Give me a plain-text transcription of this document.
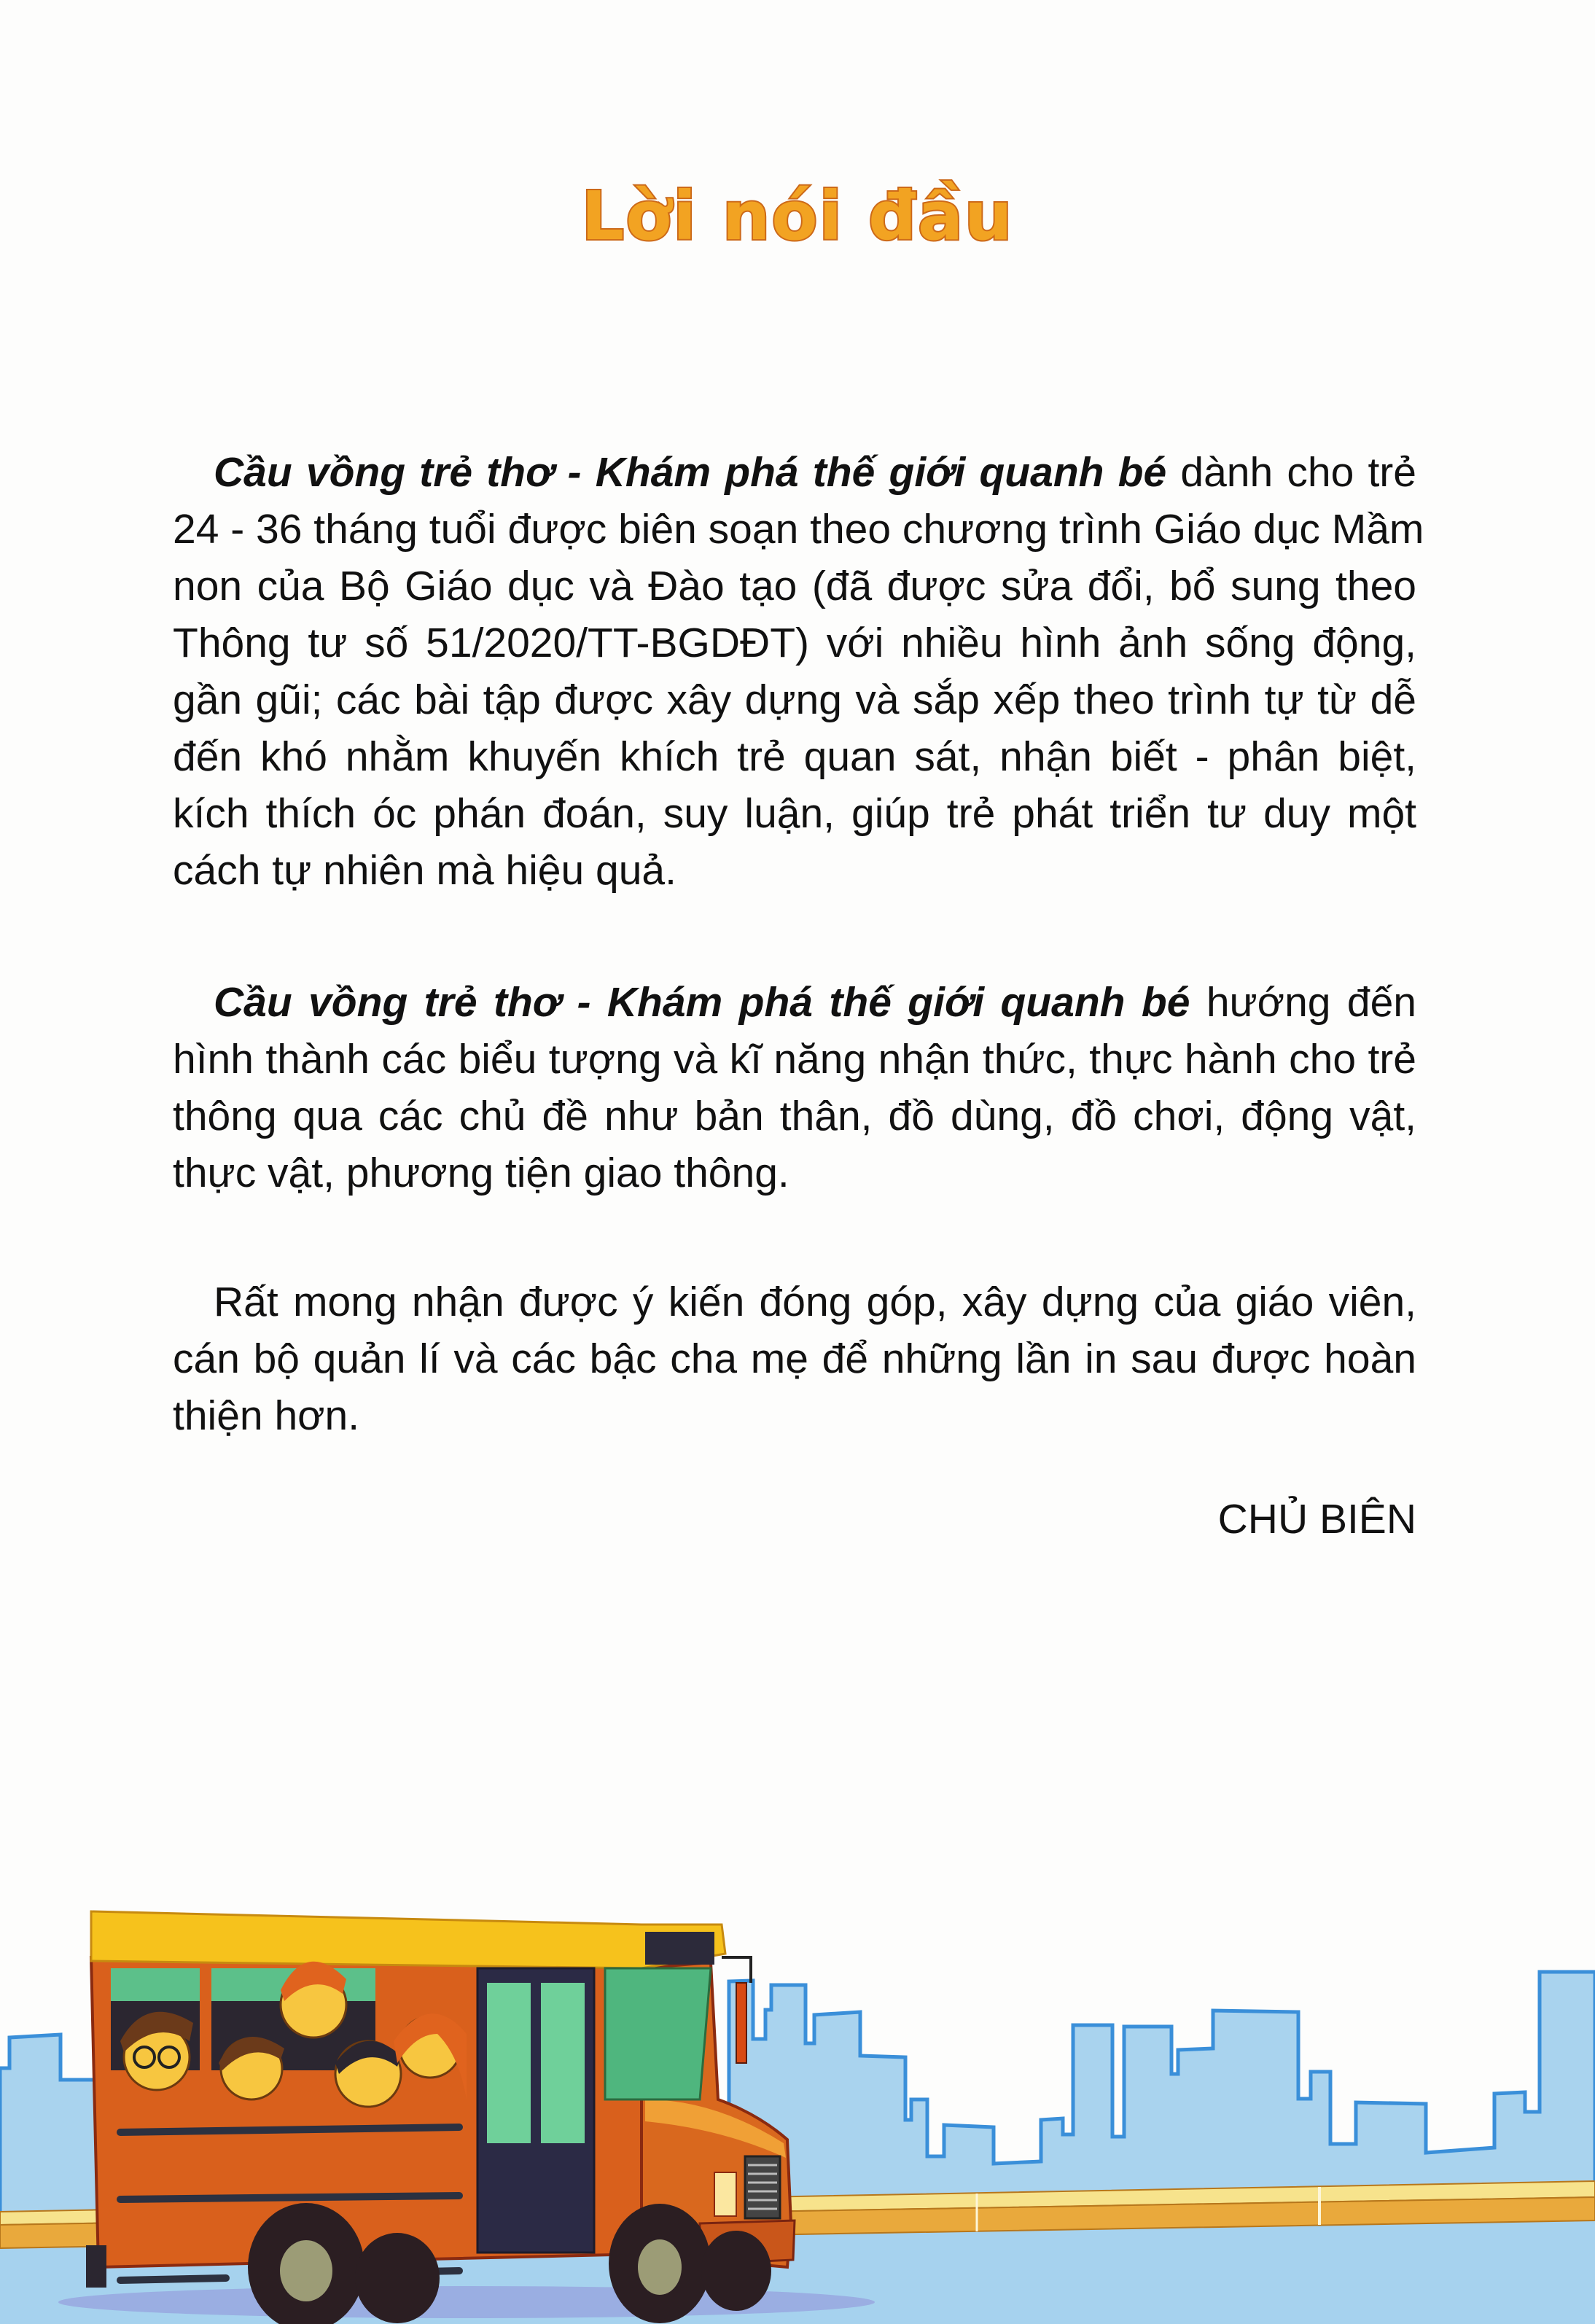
Lời nói đầu
Cầu vồng trẻ thơ - Khám phá thế giới quanh bé dành cho trẻ
24 - 36 tháng tuổi được biên soạn theo chương trình Giáo dục Mầm
non của Bộ Giáo dục và Đào tạo (đã được sửa đổi, bổ sung theo
Thông tư số 51/2020/TT-BGDĐT) với nhiều hình ảnh sống động,
gần gũi; các bài tập được xây dựng và sắp xếp theo trình tự từ dễ
đến khó nhằm khuyến khích trẻ quan sát, nhận biết - phân biệt,
kích thích óc phán đoán, suy luận, giúp trẻ phát triển tư duy một
cách tự nhiên mà hiệu quả.
Cầu vồng trẻ thơ - Khám phá thế giới quanh bé hướng đến
hình thành các biểu tượng và kĩ năng nhận thức, thực hành cho trẻ
thông qua các chủ đề như bản thân, đồ dùng, đồ chơi, động vật,
thực vật, phương tiện giao thông.
Rất mong nhận được ý kiến đóng góp, xây dựng của giáo viên,
cán bộ quản lí và các bậc cha mẹ để những lần in sau được hoàn
thiện hơn.
CHỦ BIÊN
